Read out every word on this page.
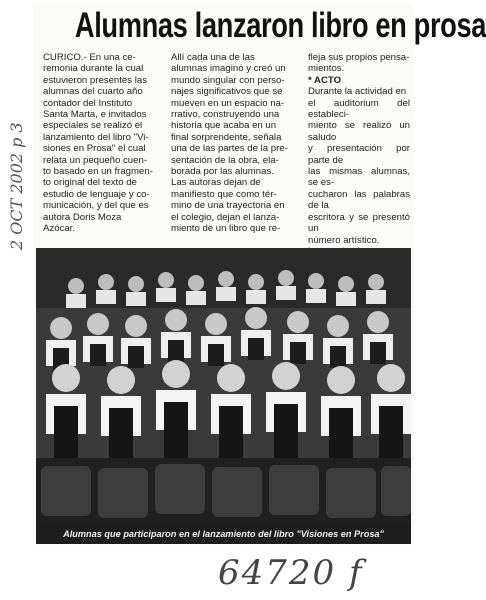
Alumnas lanzaron libro en prosa

CURICO.- En una ce-
remonia durante la cual
estuvieron presentes las
alumnas del cuarto año
contador del Instituto
Santa Marta, e invitados
especiales se realizó el
lanzamiento del libro "Vi-
siones en Prosa" el cual
relata un pequeño cuen-
to basado en un fragmen-
to original del texto de
estudio de lenguaje y co-
municación, y del que es
autora Doris Moza
Azócar.

Allí cada una de las
alumnas imaginó y creó un
mundo singular con perso-
najes significativos que se
mueven en un espacio na-
rrativo, construyendo una
historia que acaba en un
final sorprendente, señala
una de las partes de la pre-
sentación de la obra, ela-
borada por las alumnas.
Las autoras dejan de
manifiesto que como tér-
mino de una trayectoria en
el colegio, dejan el lanza-
miento de un libro que re-

fleja sus propios pensa-
mientos.

* ACTO

Durante la actividad en
el auditorium del estableci-
miento se realizó un saludo
y presentación por parte de
las mismas alumnas, se es-
cucharon las palabras de la
escritora y se presentó un
número artístico.

Alumnas que participaron en el lanzamiento del libro "Visiones en Prosa"
2 OCT 2002 p 3
64720 f
